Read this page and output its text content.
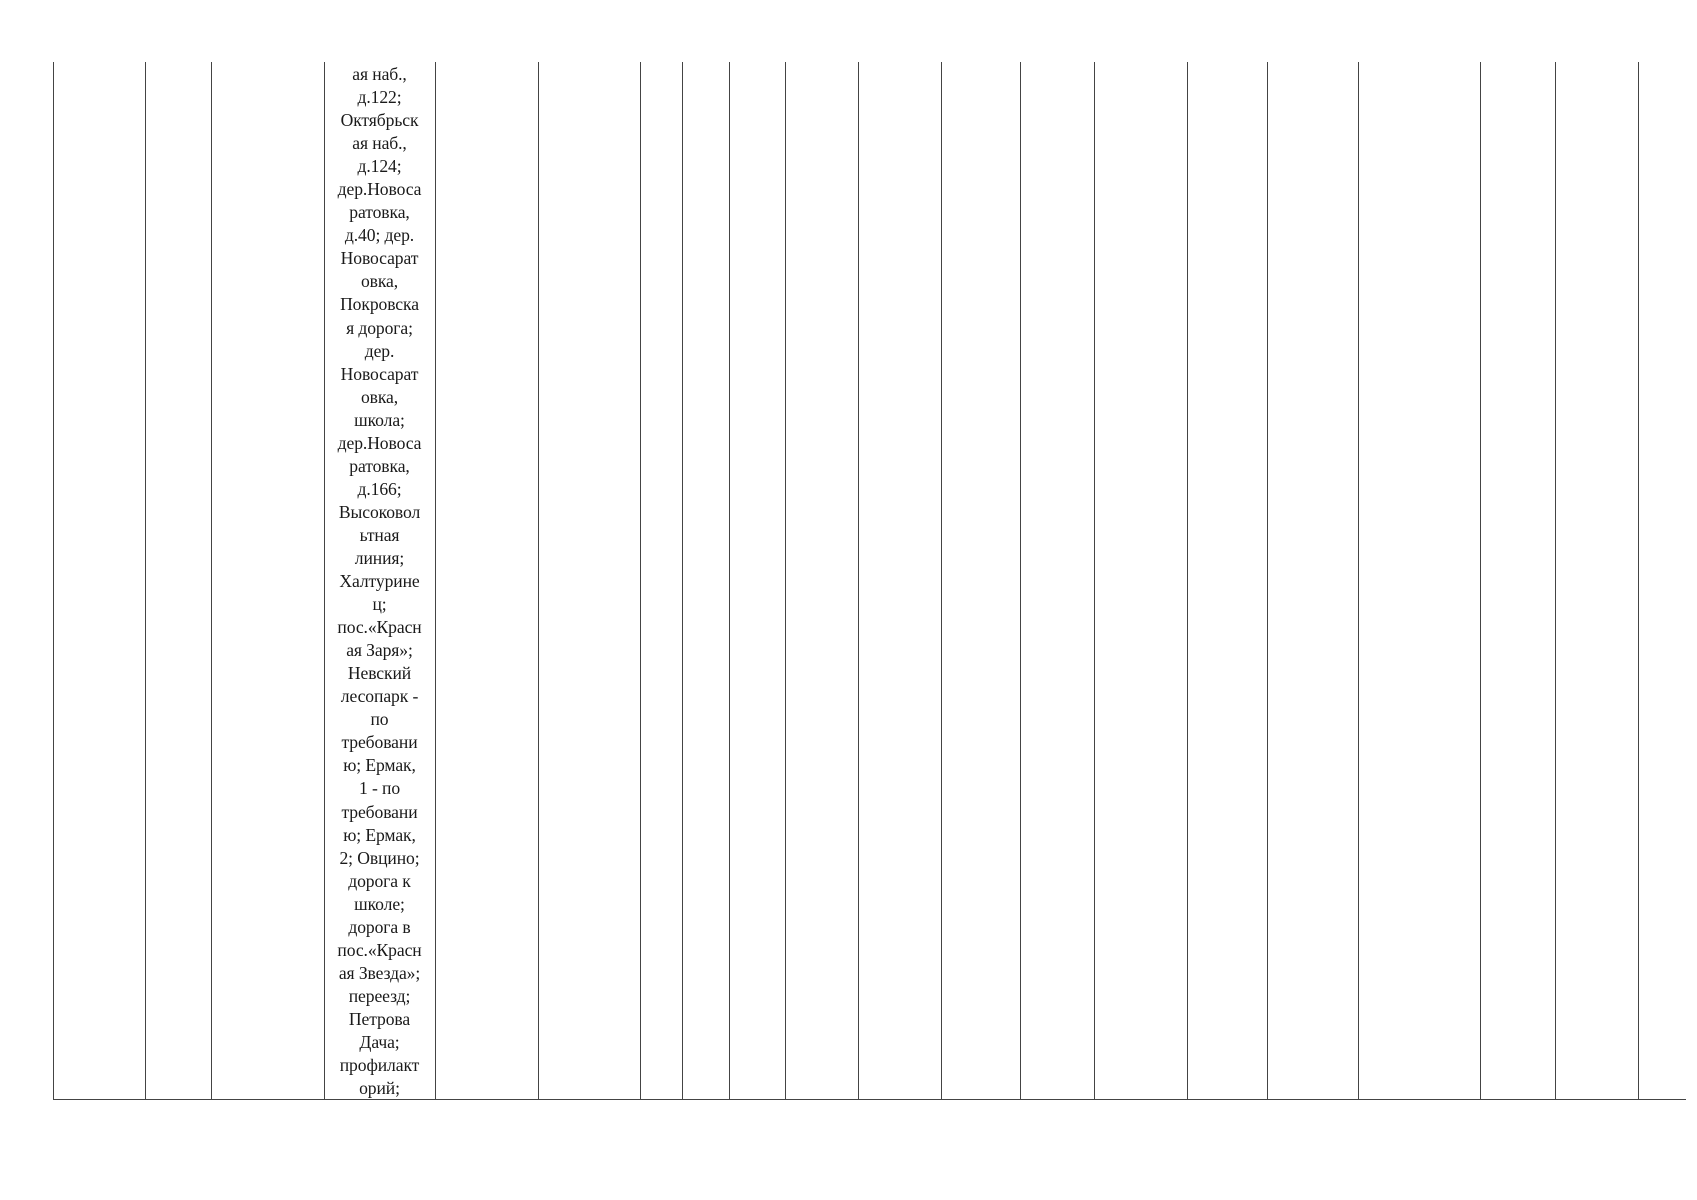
ая наб.,
д.122;
Октябрьск
ая наб.,
д.124;
дер.Новоса
ратовка,
д.40; дер.
Новосарат
овка,
Покровска
я дорога;
дер.
Новосарат
овка,
школа;
дер.Новоса
ратовка,
д.166;
Высоковол
ьтная
линия;
Халтурине
ц;
пос.«Красн
ая Заря»;
Невский
лесопарк -
по
требовани
ю; Ермак,
1 - по
требовани
ю; Ермак,
2; Овцино;
дорога к
школе;
дорога в
пос.«Красн
ая Звезда»;
переезд;
Петрова
Дача;
профилакт
орий;
